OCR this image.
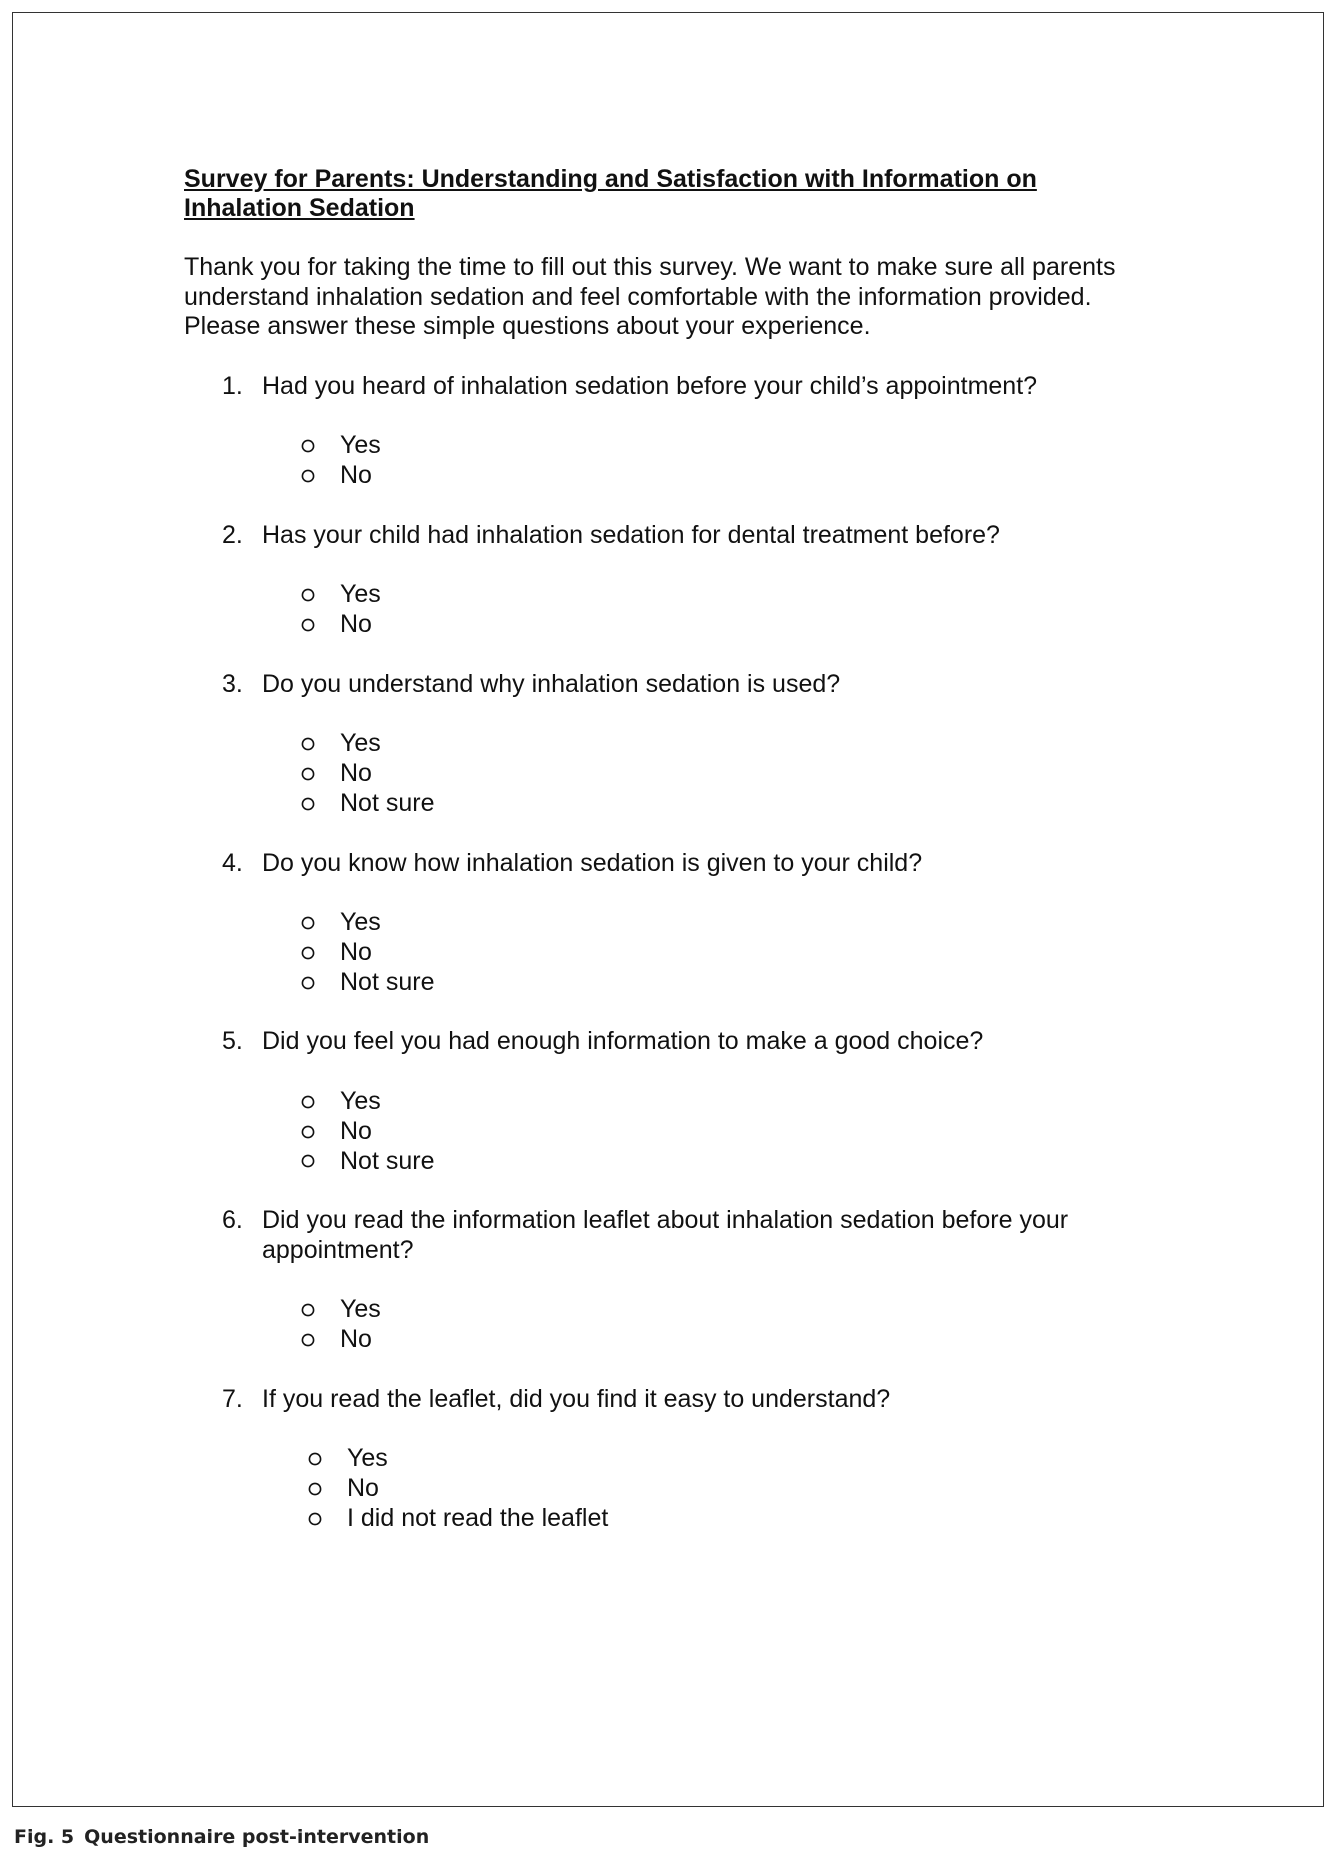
Survey for Parents: Understanding and Satisfaction with Information on
Inhalation Sedation

Thank you for taking the time to fill out this survey. We want to make sure all parents understand inhalation sedation and feel comfortable with the information provided. Please answer these simple questions about your experience.

1. Had you heard of inhalation sedation before your child’s appointment?
Yes
No
2. Has your child had inhalation sedation for dental treatment before?
Yes
No
3. Do you understand why inhalation sedation is used?
Yes
No
Not sure
4. Do you know how inhalation sedation is given to your child?
Yes
No
Not sure
5. Did you feel you had enough information to make a good choice?
Yes
No
Not sure
6. Did you read the information leaflet about inhalation sedation before your appointment?
Yes
No
7. If you read the leaflet, did you find it easy to understand?
Yes
No
I did not read the leaflet
Fig. 5 Questionnaire post-intervention
